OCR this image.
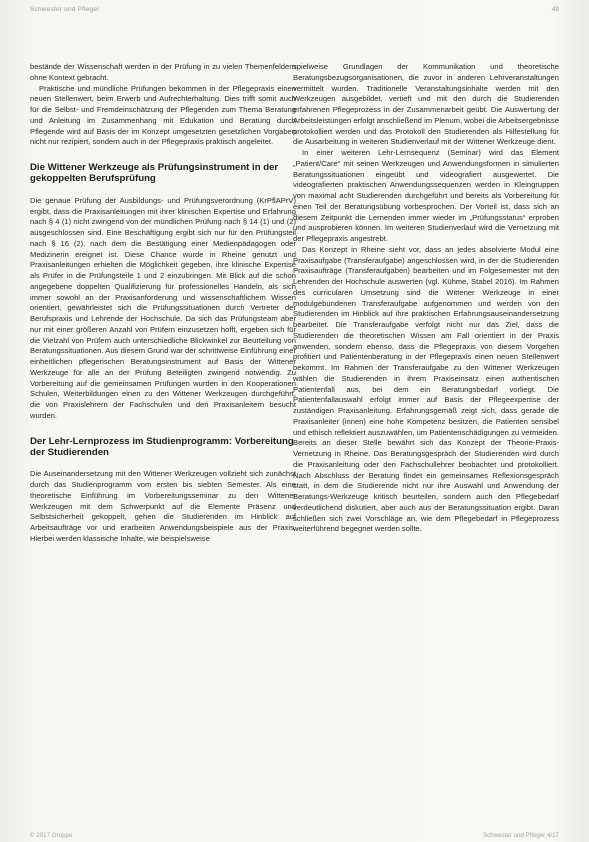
Schwester und Pfleger	49

bestände der Wissenschaft werden in der Prüfung in zu vielen Themenfeldern ohne Kontext gebracht.

Praktische und mündliche Prüfungen bekommen in der Pflegepraxis einen neuen Stellenwert, beim Erwerb und Aufrechterhaltung. Dies trifft somit auch für die Selbst- und Fremdeinschätzung der Pflegenden zum Thema Beratung und Anleitung im Zusammenhang mit Edukation und Beratung durch Pflegende wird auf Basis der im Konzept umgesetzten gesetzlichen Vorgaben nicht nur rezipiert, sondern auch in der Pflegepraxis praktisch angeleitet.

Die Wittener Werkzeuge als Prüfungsinstrument in der gekoppelten Berufsprüfung

Die genaue Prüfung der Ausbildungs- und Prüfungsverordnung (KrPflAPrV) ergibt, dass die Praxisanleitungen mit ihrer klinischen Expertise und Erfahrung nach § 4 (1) nicht zwingend von der mündlichen Prüfung nach § 14 (1) und (2) ausgeschlossen sind. Eine Beschäftigung ergibt sich nur für den Prüfungsteil nach § 16 (2), nach dem die Bestätigung einer Medienpädagogen oder Medizinerin ereignet ist. Diese Chance wurde in Rheine genutzt und Praxisanleitungen erhielten die Möglichkeit gegeben, ihre klinische Expertise als Prüfer in die Prüfungsteile 1 und 2 einzubringen. Mit Blick auf die schon angegebene doppelten Qualifizierung für professionelles Handeln, als sich immer sowohl an der Praxisanforderung und wissenschaftlichem Wissen orientiert, gewährleistet sich die Prüfungssituationen durch Vertreter der Berufspraxis und Lehrende der Hochschule. Da sich das Prüfungsteam aber nur mit einer größeren Anzahl von Prüfern einzusetzen hofft, ergeben sich für die Vielzahl von Prüfern auch unterschiedliche Blickwinkel zur Beurteilung von Beratungssituationen. Aus diesem Grund war der schrittweise Einführung einer einheitlichen pflegerischen Beratungsinstrument auf Basis der Wittener Werkzeuge für alle an der Prüfung Beteiligten zwingend notwendig. Zu Vorbereitung auf die gemeinsamen Prüfungen wurden in den Kooperationen Schulen, Weiterbildungen einen zu den Wittener Werkzeugen durchgeführt, die von Praxislehrern der Fachschulen und den Praxisanleitern besucht wurden.

Der Lehr-Lernprozess im Studienprogramm: Vorbereitung der Studierenden

Die Auseinandersetzung mit den Wittener Werkzeugen vollzieht sich zunächst durch das Studienprogramm vom ersten bis siebten Semester. Als eine theoretische Einführung im Vorbereitungsseminar zu den Wittener Werkzeugen mit dem Schwerpunkt auf die Elemente Präsenz und Selbstsicherheit gekoppelt, gehen die Studierenden im Hinblick auf Arbeitsaufträge vor und erarbeiten Anwendungsbeispiele aus der Praxis. Hierbei werden klassische Inhalte, wie beispielsweise

spielweise Grundlagen der Kommunikation und theoretische Beratungsbezugsorganisationen, die zuvor in anderen Lehrveranstaltungen vermittelt wurden. Traditionelle Veranstaltungsinhalte werden mit den Werkzeugen ausgebildet, vertieft und mit den durch die Studierenden erfahrenen Pflegeprozess in der Zusammenarbeit geübt. Die Auswertung der Arbeitsleistungen erfolgt anschließend im Plenum, wobei die Arbeitsergebnisse protokolliert werden und das Protokoll den Studierenden als Hilfestellung für die Ausarbeitung in weiteren Studienverlauf mit der Wittener Werkzeuge dient.

In einer weiteren Lehr-Lernsequenz (Seminar) wird das Element „Patient/Care“ mit seinen Werkzeugen und Anwendungsformen in simulierten Beratungssituationen eingeübt und videografiert ausgewertet. Die videografierten praktischen Anwendungssequenzen werden in Kleingruppen von maximal acht Studierenden durchgeführt und bereits als Vorbereitung für einen Teil der Beratungsübung vorbesprochen. Der Vorteil ist, dass sich an diesem Zeitpunkt die Lernenden immer wieder im „Prüfungsstatus“ erproben und ausprobieren können. Im weiteren Studienverlauf wird die Vernetzung mit der Pflegepraxis angestrebt.

Das Konzept in Rheine sieht vor, dass an jedes absolvierte Modul eine Praxisaufgabe (Transferaufgabe) angeschlossen wird, in der die Studierenden Praxisaufträge (Transferaufgaben) bearbeiten und im Folgesemester mit den Lehrenden der Hochschule auswerten (vgl. Kühme, Stabel 2016). Im Rahmen des curricularen Umsetzung sind die Wittener Werkzeuge in einer modulgebundenen Transferaufgabe aufgenommen und werden von den Studierenden im Hinblick auf ihre praktischen Erfahrungsauseinandersetzung bearbeitet. Die Transferaufgabe verfolgt nicht nur das Ziel, dass die Studierenden die theoretischen Wissen am Fall orientiert in der Praxis anwenden, sondern ebenso, dass die Pflegepraxis von diesem Vorgehen profitiert und Patientenberatung in der Pflegepraxis einen neuen Stellenwert bekommt. Im Rahmen der Transferaufgabe zu den Wittener Werkzeugen wählen die Studierenden in ihrem Praxiseinsatz einen authentischen Patientenfall aus, bei dem ein Beratungsbedarf vorliegt. Die Patientenfallauswahl erfolgt immer auf Basis der Pflegeexpertise der zuständigen Praxisanleitung. Erfahrungsgemäß zeigt sich, dass gerade die Praxisanleiter (innen) eine hohe Kompetenz besitzen, die Patienten sensibel und ethisch reflektiert auszuwählen, um Patientenschädigungen zu vermeiden. Bereits an dieser Stelle bewährt sich das Konzept der Theorie-Praxis-Vernetzung in Rheine. Das Beratungsgespräch der Studierenden wird durch die Praxisanleitung oder den Fachschullehrer beobachtet und protokolliert. Nach Abschluss der Beratung findet ein gemeinsames Reflexionsgespräch statt, in dem die Studierende nicht nur ihre Auswahl und Anwendung der Beratungs-Werkzeuge kritisch beurteilen, sondern auch den Pflegebedarf verdeutlichend diskutiert, aber auch aus der Beratungssituation ergibt. Daran schließen sich zwei Vorschläge an, wie dem Pflegebedarf in Pflegeprozess weiterführend begegnet werden sollte.

© 2017 Gruppe	Schwester und Pfleger 4/17
